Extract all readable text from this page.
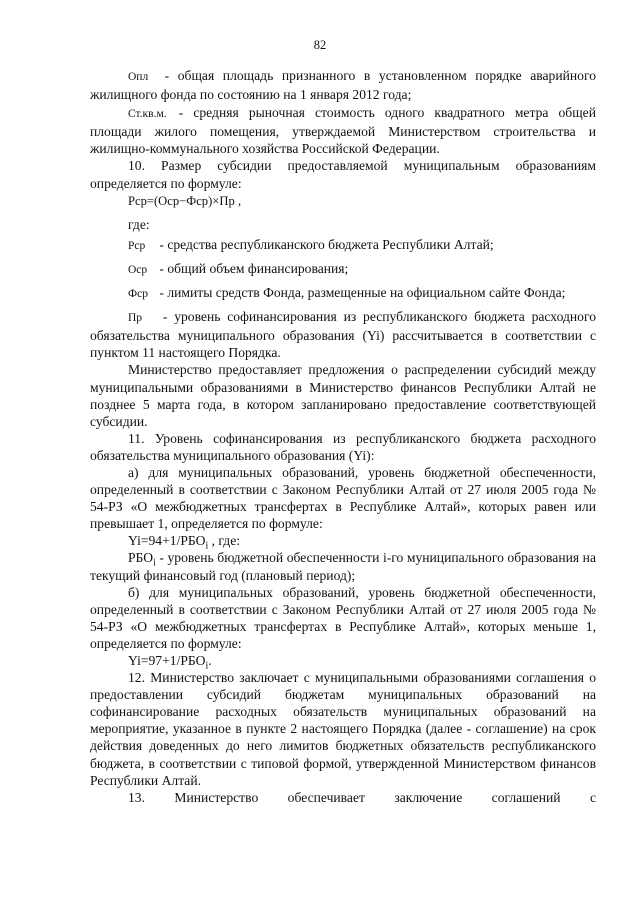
82

Опл - общая площадь признанного в установленном порядке аварийного жилищного фонда по состоянию на 1 января 2012 года;

Ст.кв.м. - средняя рыночная стоимость одного квадратного метра общей площади жилого помещения, утверждаемой Министерством строительства и жилищно-коммунального хозяйства Российской Федерации.

10. Размер субсидии предоставляемой муниципальным образованиям определяется по формуле:

Рср=(Оср−Фср)×Пр ,

где:

Рср - средства республиканского бюджета Республики Алтай;

Оср - общий объем финансирования;

Фср - лимиты средств Фонда, размещенные на официальном сайте Фонда;

Пр - уровень софинансирования из республиканского бюджета расходного обязательства муниципального образования (Yi) рассчитывается в соответствии с пунктом 11 настоящего Порядка.

Министерство предоставляет предложения о распределении субсидий между муниципальными образованиями в Министерство финансов Республики Алтай не позднее 5 марта года, в котором запланировано предоставление соответствующей субсидии.

11. Уровень софинансирования из республиканского бюджета расходного обязательства муниципального образования (Yi):

а) для муниципальных образований, уровень бюджетной обеспеченности, определенный в соответствии с Законом Республики Алтай от 27 июля 2005 года № 54-РЗ «О межбюджетных трансфертах в Республике Алтай», которых равен или превышает 1, определяется по формуле:

$Yi=94+1/РБО_i$ , где:

$РБО_i$ - уровень бюджетной обеспеченности i-го муниципального образования на текущий финансовый год (плановый период);

б) для муниципальных образований, уровень бюджетной обеспеченности, определенный в соответствии с Законом Республики Алтай от 27 июля 2005 года № 54-РЗ «О межбюджетных трансфертах в Республике Алтай», которых меньше 1, определяется по формуле:

$Yi=97+1/РБО_i$.

12. Министерство заключает с муниципальными образованиями соглашения о предоставлении субсидий бюджетам муниципальных образований на софинансирование расходных обязательств муниципальных образований на мероприятие, указанное в пункте 2 настоящего Порядка (далее - соглашение) на срок действия доведенных до него лимитов бюджетных обязательств республиканского бюджета, в соответствии с типовой формой, утвержденной Министерством финансов Республики Алтай.

13. Министерство обеспечивает заключение соглашений с
